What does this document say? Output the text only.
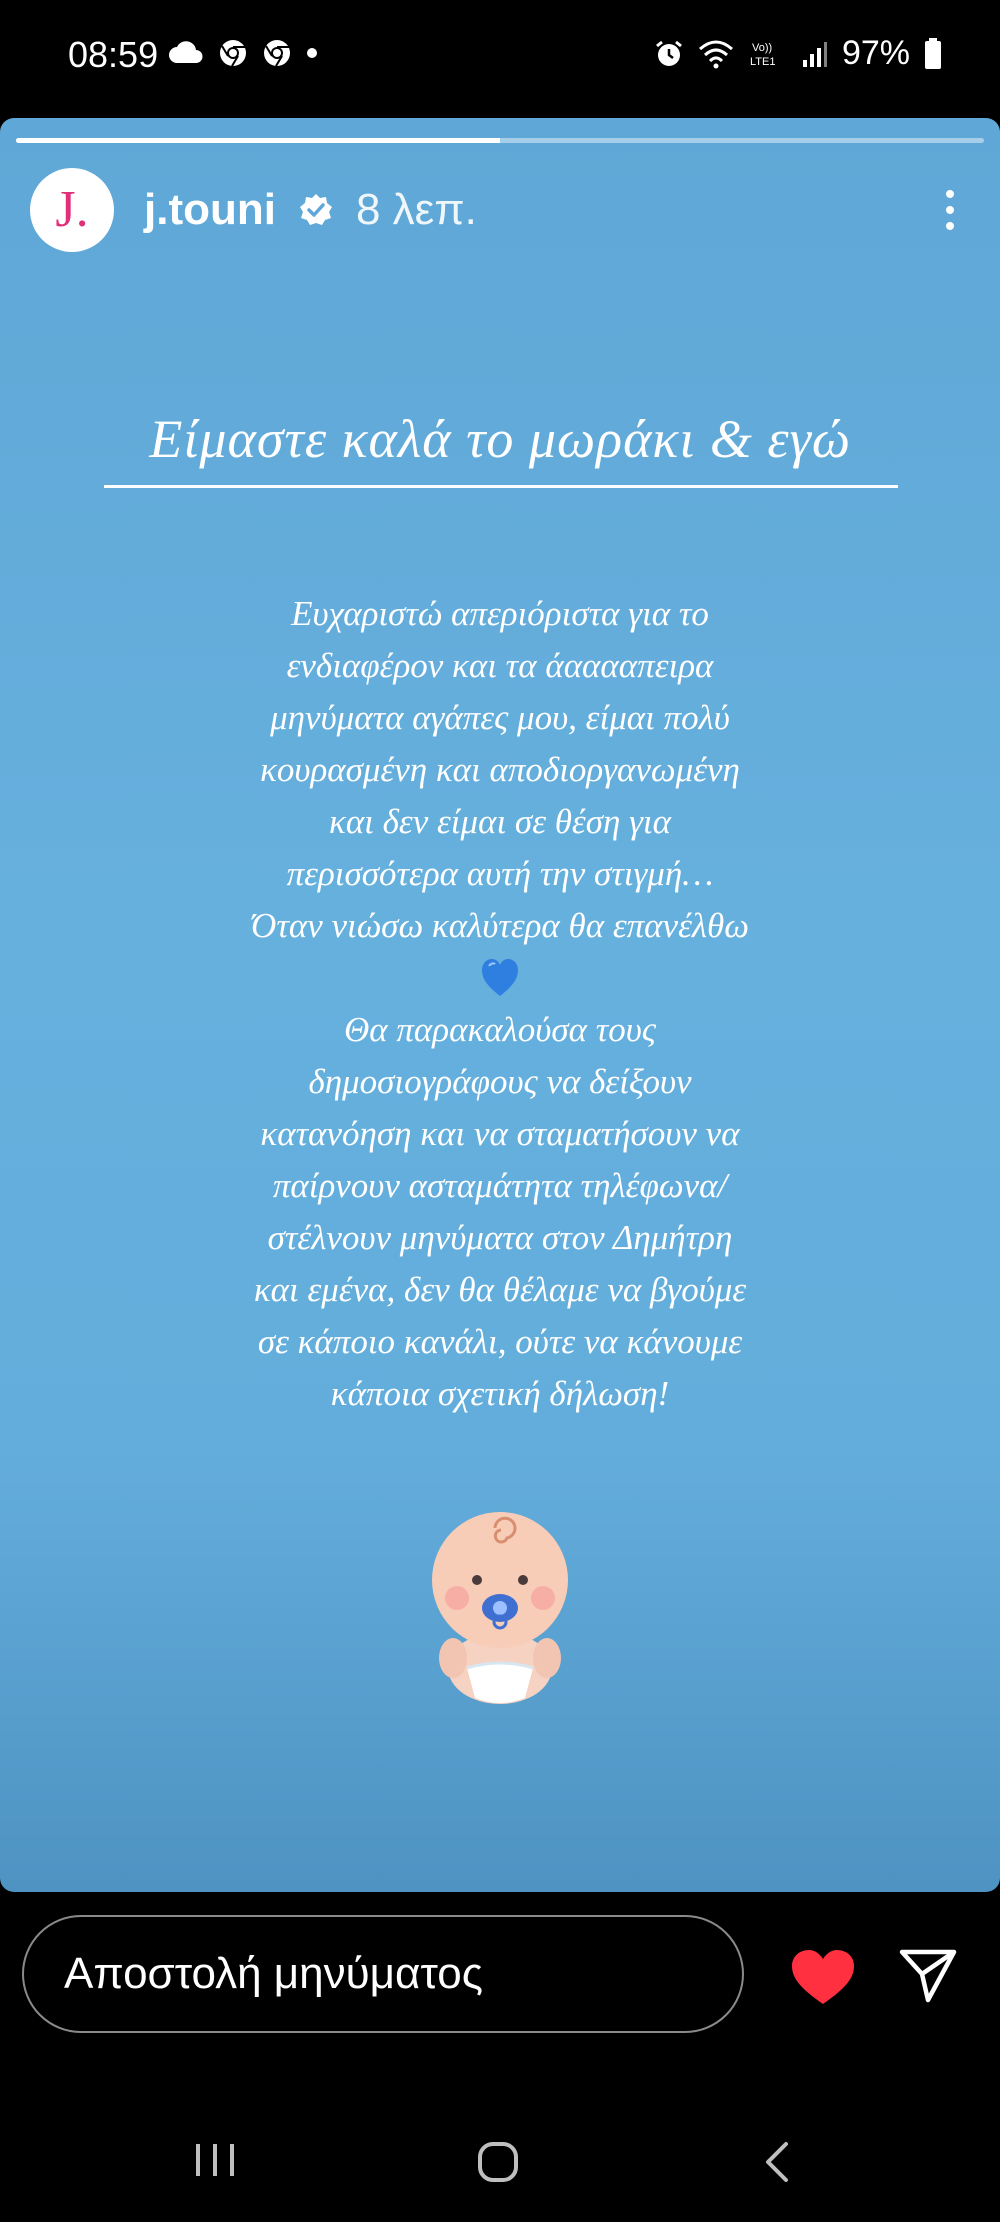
08:59	Vo))
LTE1 97%
J. j.touni 8 λεπ.
Είμαστε καλά το μωράκι & εγώ

Ευχαριστώ απεριόριστα για το

ενδιαφέρον και τα άααααπειρα

μηνύματα αγάπες μου, είμαι πολύ

κουρασμένη και αποδιοργανωμένη

και δεν είμαι σε θέση για

περισσότερα αυτή την στιγμή…

Όταν νιώσω καλύτερα θα επανέλθω

Θα παρακαλούσα τους

δημοσιογράφους να δείξουν

κατανόηση και να σταματήσουν να

παίρνουν ασταμάτητα τηλέφωνα/

στέλνουν μηνύματα στον Δημήτρη

και εμένα, δεν θα θέλαμε να βγούμε

σε κάποιο κανάλι, ούτε να κάνουμε

κάποια σχετική δήλωση!

Αποστολή μηνύματος
